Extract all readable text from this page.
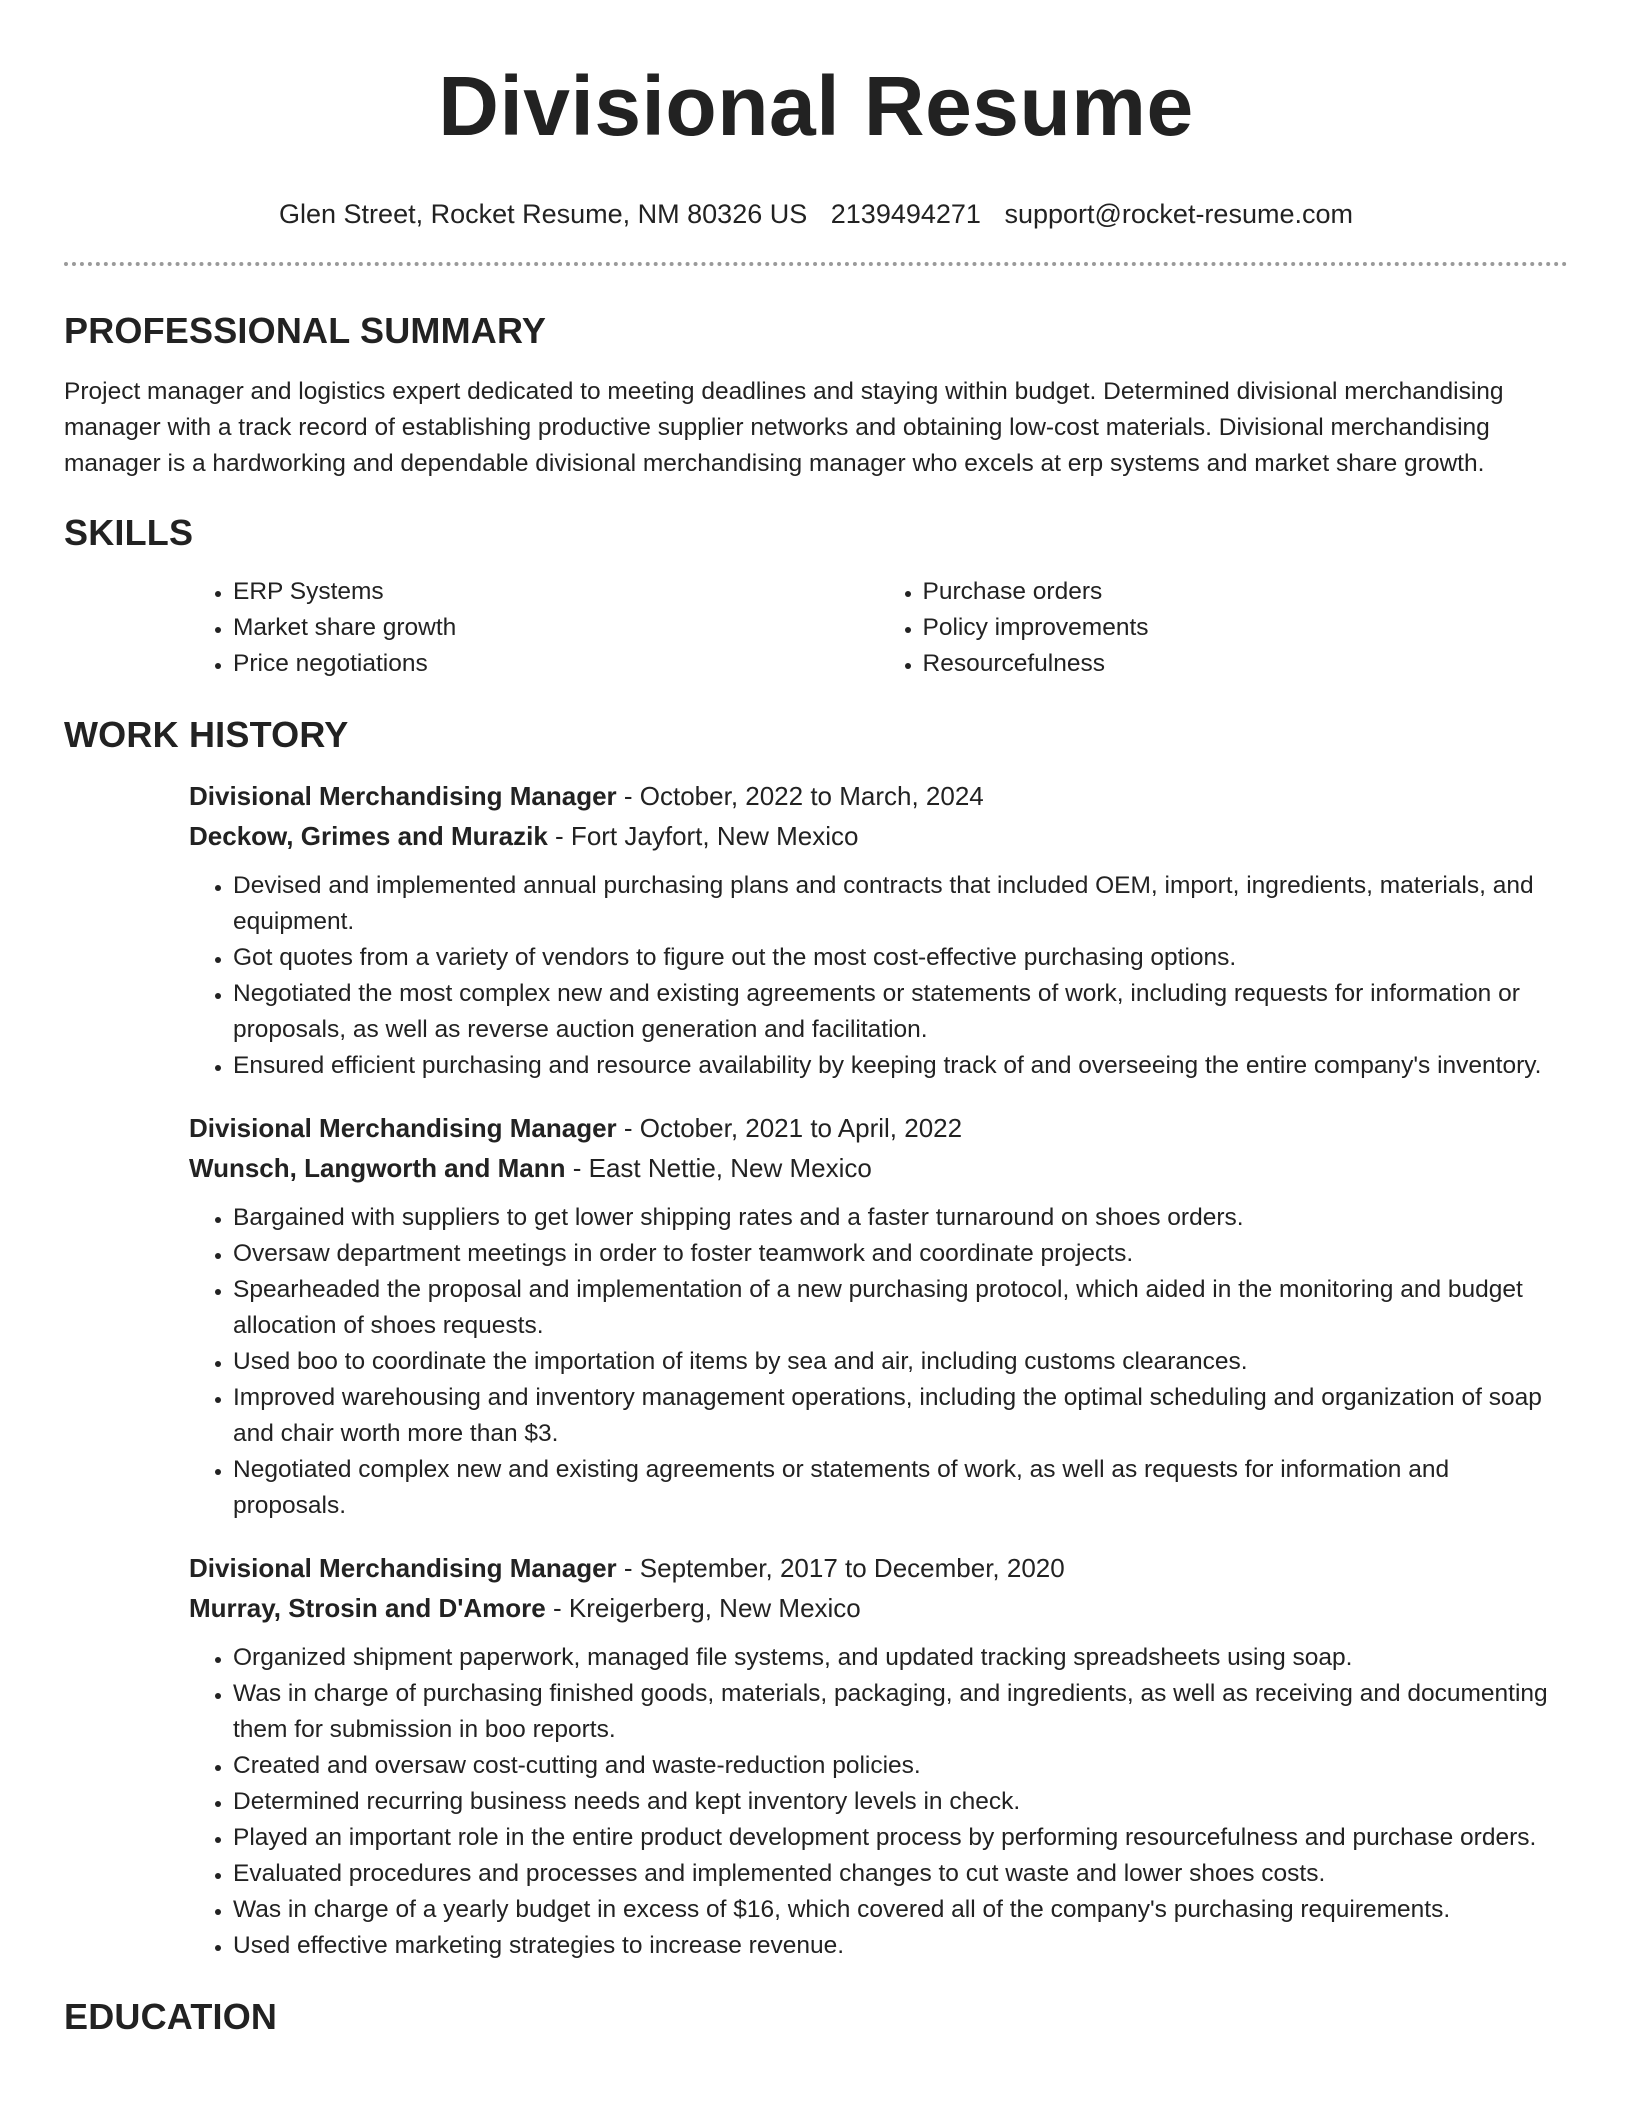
Divisional Resume
Glen Street, Rocket Resume, NM 80326 US 2139494271 support@rocket-resume.com
PROFESSIONAL SUMMARY

Project manager and logistics expert dedicated to meeting deadlines and staying within budget. Determined divisional merchandising manager with a track record of establishing productive supplier networks and obtaining low-cost materials. Divisional merchandising manager is a hardworking and dependable divisional merchandising manager who excels at erp systems and market share growth.

SKILLS
• ERP Systems
• Market share growth
• Price negotiations
• Purchase orders
• Policy improvements
• Resourcefulness
WORK HISTORY
Divisional Merchandising Manager - October, 2022 to March, 2024
Deckow, Grimes and Murazik - Fort Jayfort, New Mexico
• Devised and implemented annual purchasing plans and contracts that included OEM, import, ingredients, materials, and equipment.
• Got quotes from a variety of vendors to figure out the most cost-effective purchasing options.
• Negotiated the most complex new and existing agreements or statements of work, including requests for information or proposals, as well as reverse auction generation and facilitation.
• Ensured efficient purchasing and resource availability by keeping track of and overseeing the entire company's inventory.
Divisional Merchandising Manager - October, 2021 to April, 2022
Wunsch, Langworth and Mann - East Nettie, New Mexico
• Bargained with suppliers to get lower shipping rates and a faster turnaround on shoes orders.
• Oversaw department meetings in order to foster teamwork and coordinate projects.
• Spearheaded the proposal and implementation of a new purchasing protocol, which aided in the monitoring and budget allocation of shoes requests.
• Used boo to coordinate the importation of items by sea and air, including customs clearances.
• Improved warehousing and inventory management operations, including the optimal scheduling and organization of soap and chair worth more than $3.
• Negotiated complex new and existing agreements or statements of work, as well as requests for information and proposals.
Divisional Merchandising Manager - September, 2017 to December, 2020
Murray, Strosin and D'Amore - Kreigerberg, New Mexico
• Organized shipment paperwork, managed file systems, and updated tracking spreadsheets using soap.
• Was in charge of purchasing finished goods, materials, packaging, and ingredients, as well as receiving and documenting them for submission in boo reports.
• Created and oversaw cost-cutting and waste-reduction policies.
• Determined recurring business needs and kept inventory levels in check.
• Played an important role in the entire product development process by performing resourcefulness and purchase orders.
• Evaluated procedures and processes and implemented changes to cut waste and lower shoes costs.
• Was in charge of a yearly budget in excess of $16, which covered all of the company's purchasing requirements.
• Used effective marketing strategies to increase revenue.
EDUCATION
